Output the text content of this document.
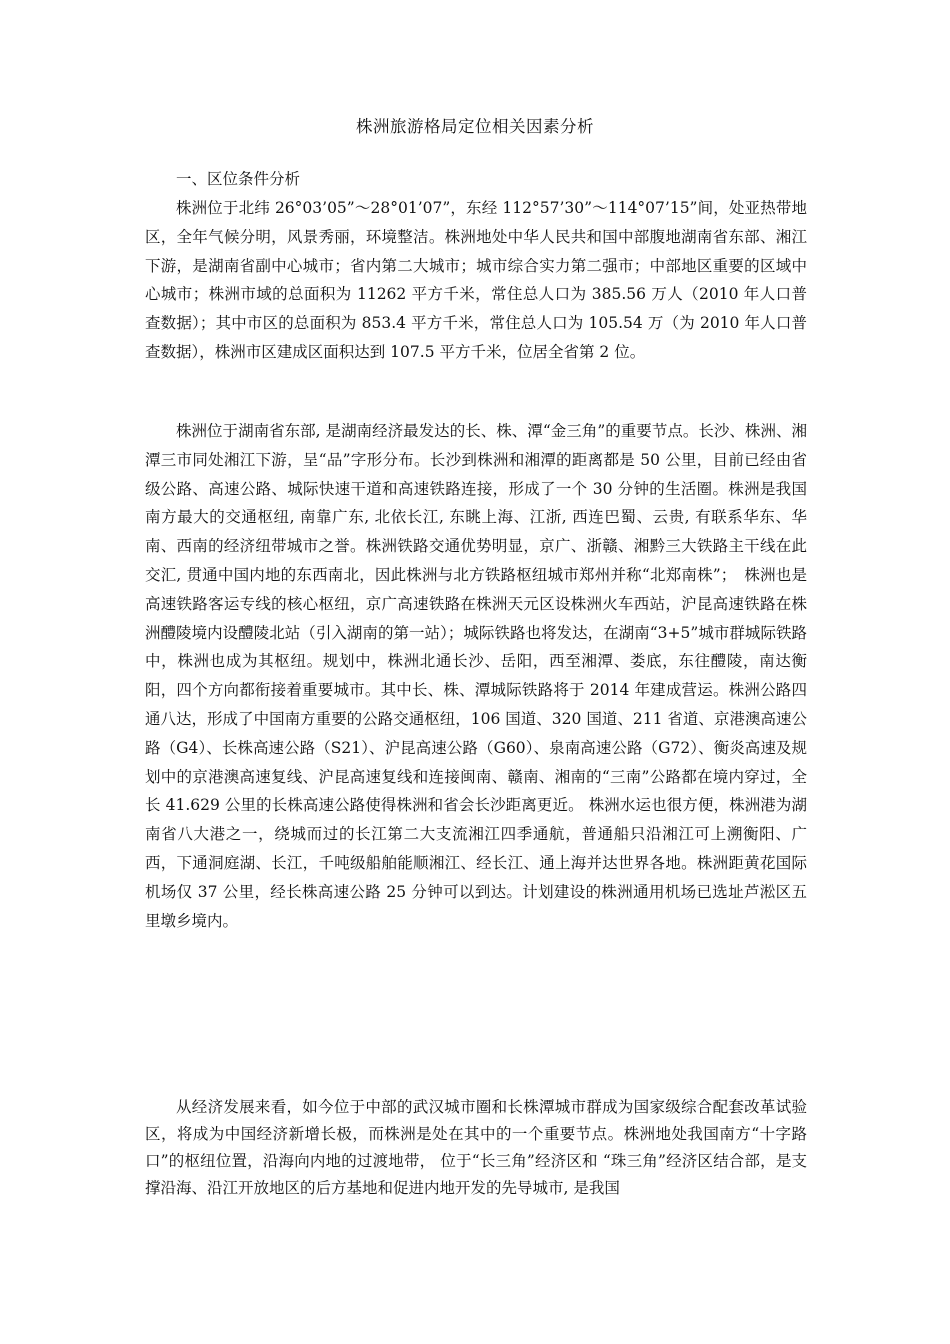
株洲旅游格局定位相关因素分析
一、区位条件分析

株洲位于北纬 26°03’05”～28°01’07”，东经 112°57’30”～114°07’15”间，处亚热带地区，全年气候分明，风景秀丽，环境整洁。株洲地处中华人民共和国中部腹地湖南省东部、湘江下游，是湖南省副中心城市；省内第二大城市；城市综合实力第二强市；中部地区重要的区域中心城市；株洲市域的总面积为 11262 平方千米，常住总人口为 385.56 万人（2010 年人口普查数据）；其中市区的总面积为 853.4 平方千米，常住总人口为 105.54 万（为 2010 年人口普查数据），株洲市区建成区面积达到 107.5 平方千米，位居全省第 2 位。

株洲位于湖南省东部, 是湖南经济最发达的长、株、潭“金三角”的重要节点。长沙、株洲、湘潭三市同处湘江下游，呈“品”字形分布。长沙到株洲和湘潭的距离都是 50 公里，目前已经由省级公路、高速公路、城际快速干道和高速铁路连接，形成了一个 30 分钟的生活圈。株洲是我国南方最大的交通枢纽, 南靠广东, 北依长江, 东眺上海、江浙, 西连巴蜀、云贵, 有联系华东、华南、西南的经济纽带城市之誉。株洲铁路交通优势明显，京广、浙赣、湘黔三大铁路主干线在此交汇, 贯通中国内地的东西南北，因此株洲与北方铁路枢纽城市郑州并称“北郑南株”；　株洲也是高速铁路客运专线的核心枢纽，京广高速铁路在株洲天元区设株洲火车西站，沪昆高速铁路在株洲醴陵境内设醴陵北站（引入湖南的第一站）；城际铁路也将发达，在湖南“3+5”城市群城际铁路中，株洲也成为其枢纽。规划中，株洲北通长沙、岳阳，西至湘潭、娄底，东往醴陵，南达衡阳，四个方向都衔接着重要城市。其中长、株、潭城际铁路将于 2014 年建成营运。株洲公路四通八达，形成了中国南方重要的公路交通枢纽，106 国道、320 国道、211 省道、京港澳高速公路（G4）、长株高速公路（S21）、沪昆高速公路（G60）、泉南高速公路（G72）、衡炎高速及规划中的京港澳高速复线、沪昆高速复线和连接闽南、赣南、湘南的“三南”公路都在境内穿过，全长 41.629 公里的长株高速公路使得株洲和省会长沙距离更近。 株洲水运也很方便，株洲港为湖南省八大港之一，绕城而过的长江第二大支流湘江四季通航，普通船只沿湘江可上溯衡阳、广西，下通洞庭湖、长江，千吨级船舶能顺湘江、经长江、通上海并达世界各地。株洲距黄花国际机场仅 37 公里，经长株高速公路 25 分钟可以到达。计划建设的株洲通用机场已选址芦淞区五里墩乡境内。

从经济发展来看，如今位于中部的武汉城市圈和长株潭城市群成为国家级综合配套改革试验区，将成为中国经济新增长极，而株洲是处在其中的一个重要节点。株洲地处我国南方“十字路口”的枢纽位置，沿海向内地的过渡地带， 位于“长三角”经济区和 “珠三角”经济区结合部，是支撑沿海、沿江开放地区的后方基地和促进内地开发的先导城市, 是我国
